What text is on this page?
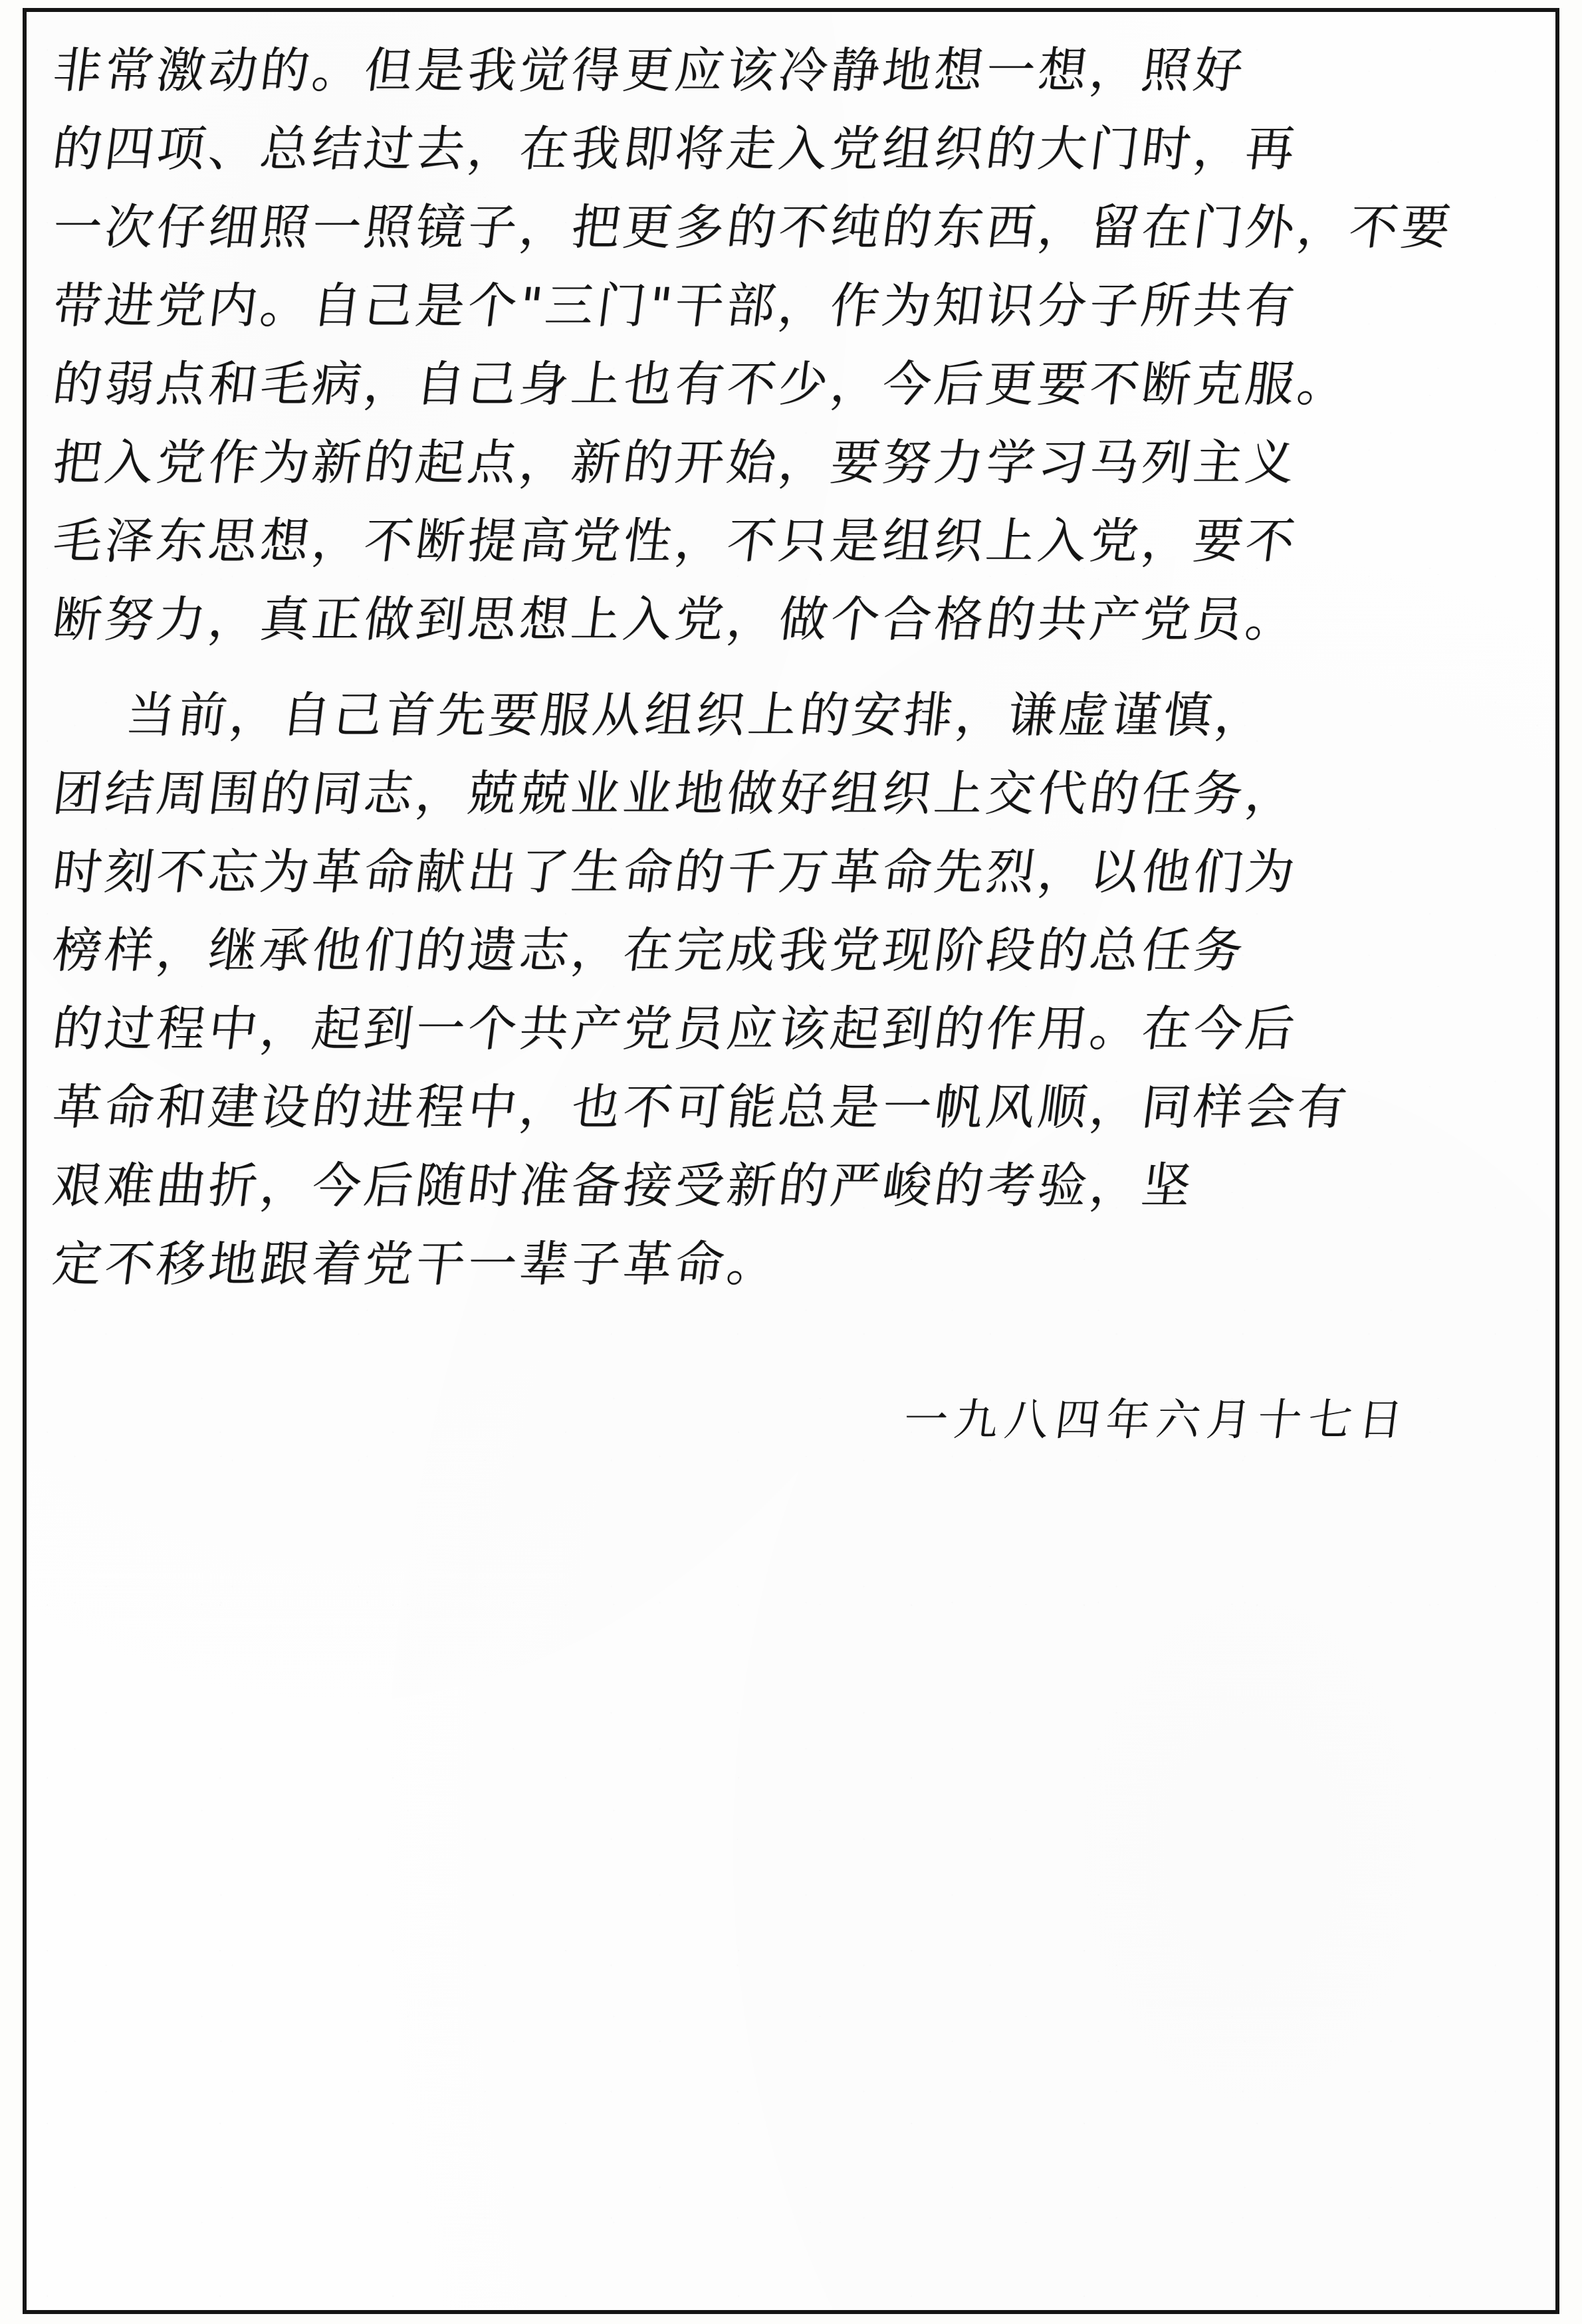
非常激动的。但是我觉得更应该冷静地想一想，照好
的四项、总结过去，在我即将走入党组织的大门时，再
一次仔细照一照镜子，把更多的不纯的东西，留在门外，不要
带进党内。自己是个"三门"干部，作为知识分子所共有
的弱点和毛病，自己身上也有不少，今后更要不断克服。
把入党作为新的起点，新的开始，要努力学习马列主义
毛泽东思想，不断提高党性，不只是组织上入党，要不
断努力，真正做到思想上入党，做个合格的共产党员。
当前，自己首先要服从组织上的安排，谦虚谨慎，
团结周围的同志，兢兢业业地做好组织上交代的任务，
时刻不忘为革命献出了生命的千万革命先烈，以他们为
榜样，继承他们的遗志，在完成我党现阶段的总任务
的过程中，起到一个共产党员应该起到的作用。在今后
革命和建设的进程中，也不可能总是一帆风顺，同样会有
艰难曲折，今后随时准备接受新的严峻的考验，坚
定不移地跟着党干一辈子革命。
一九八四年六月十七日
